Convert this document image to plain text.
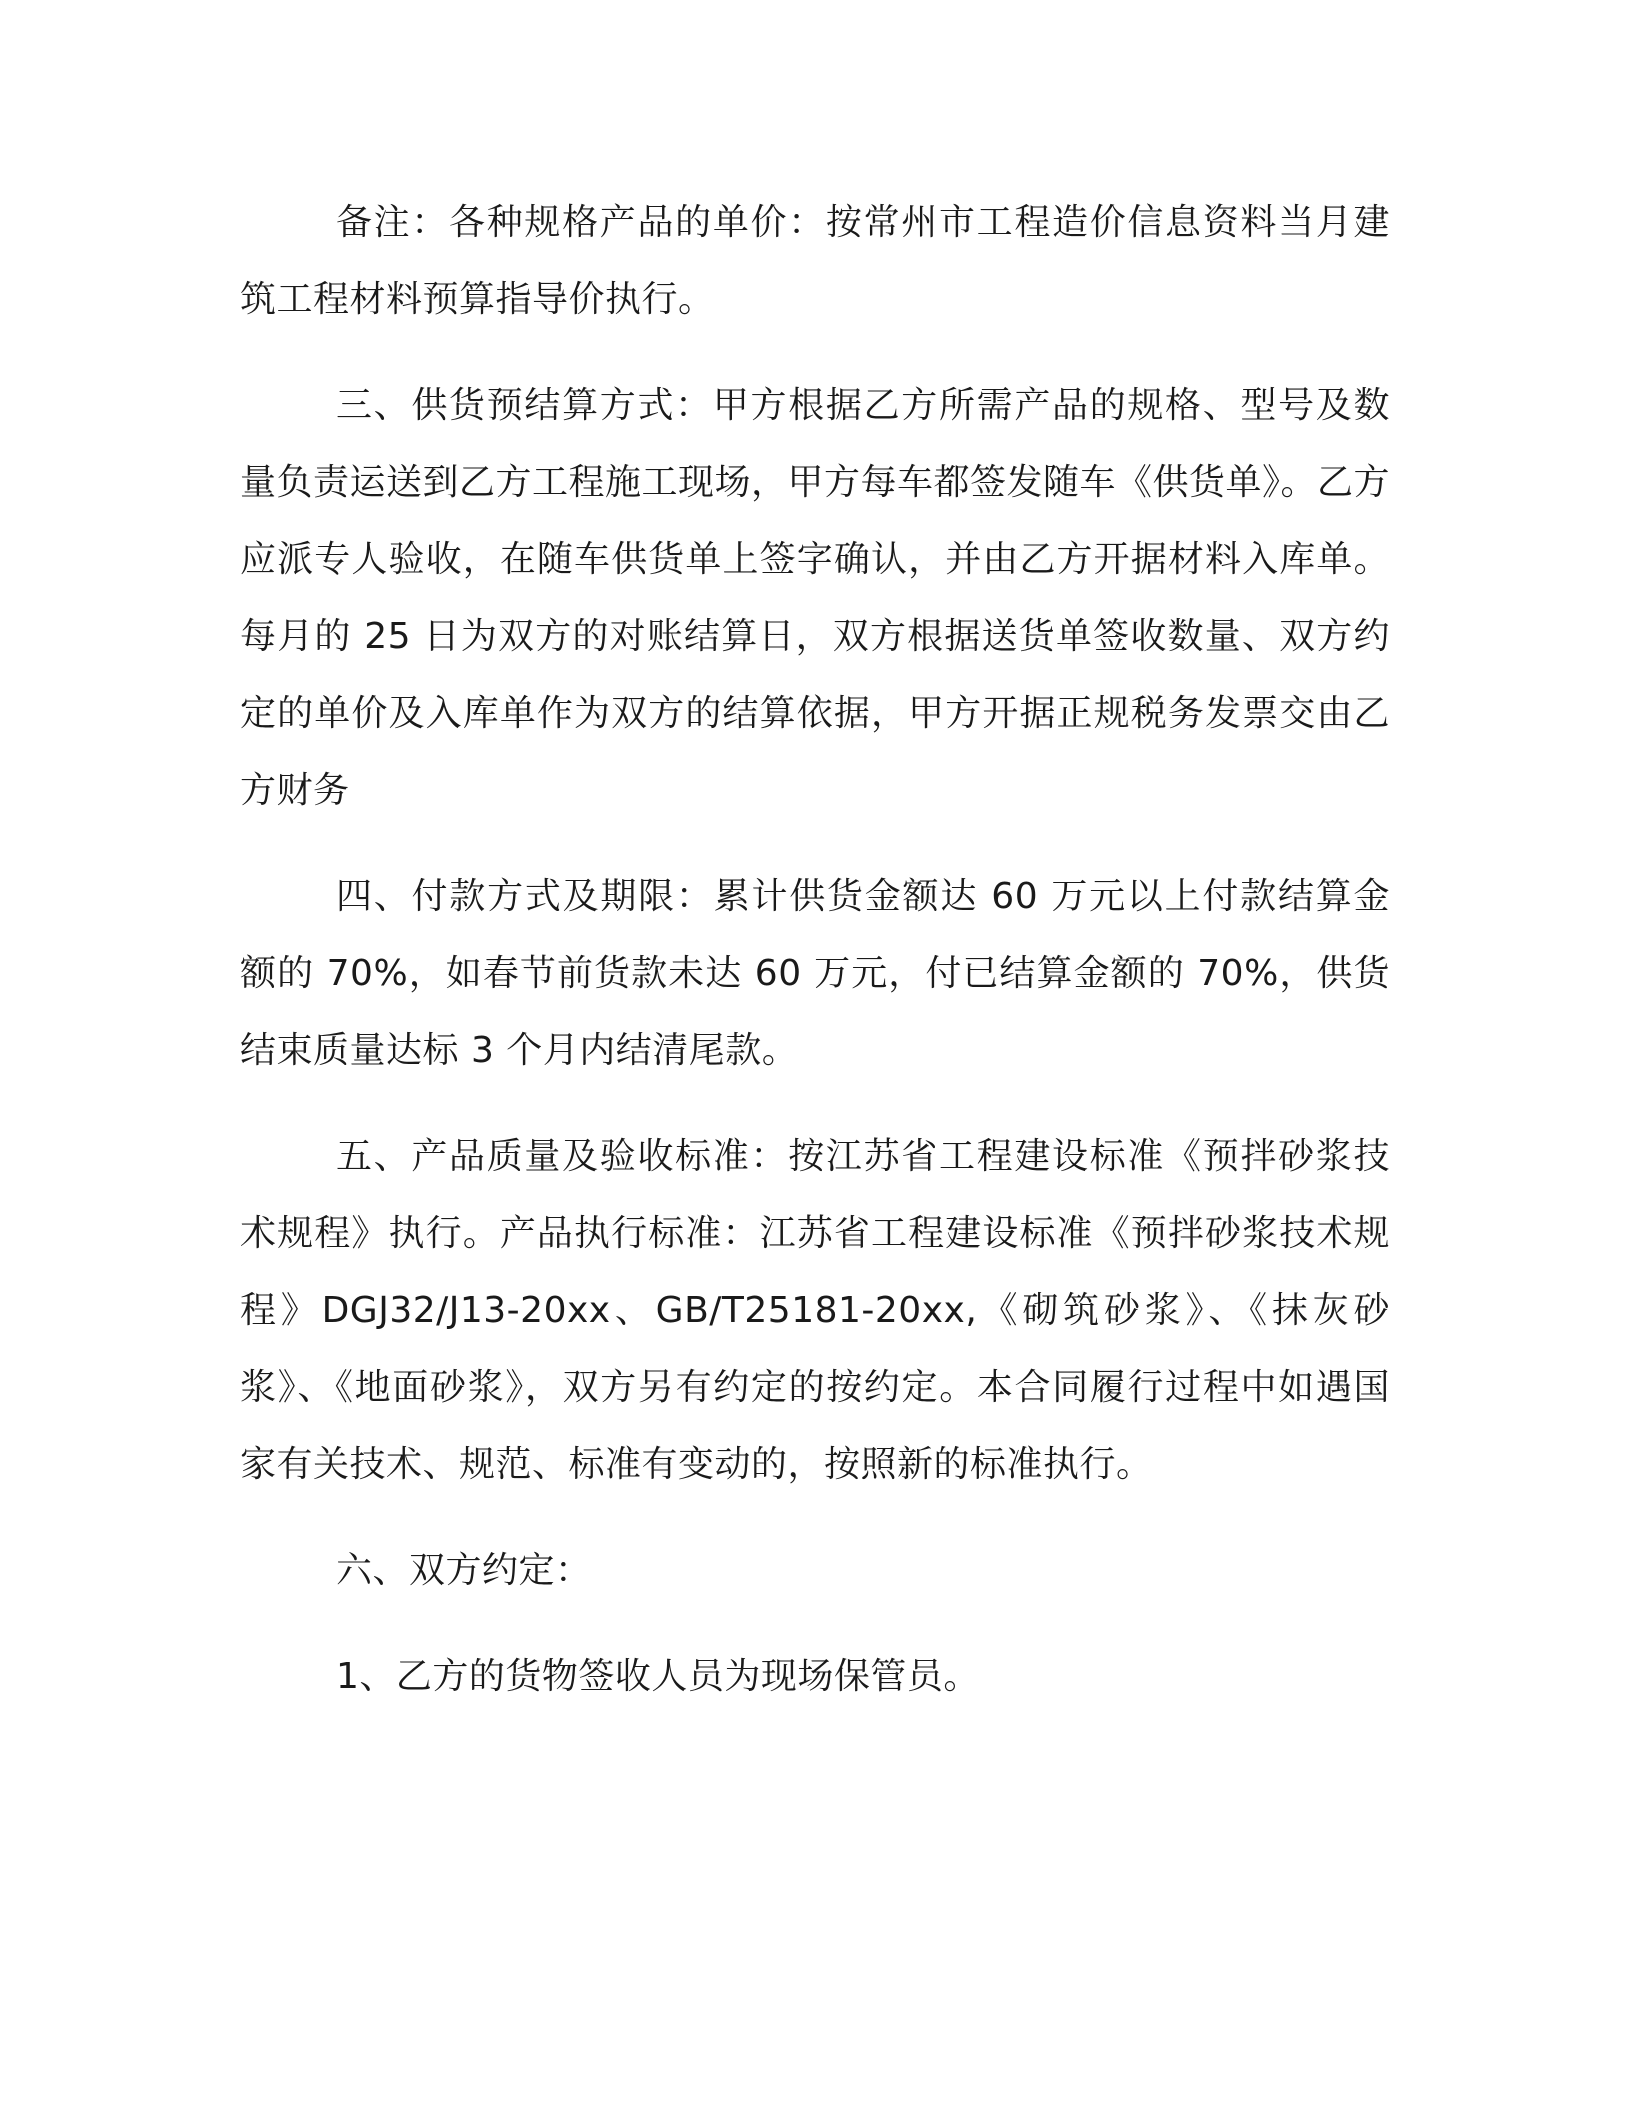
备注：各种规格产品的单价：按常州市工程造价信息资料当月建筑工程材料预算指导价执行。

三、供货预结算方式：甲方根据乙方所需产品的规格、型号及数量负责运送到乙方工程施工现场，甲方每车都签发随车《供货单》。乙方应派专人验收，在随车供货单上签字确认，并由乙方开据材料入库单。每月的 25 日为双方的对账结算日，双方根据送货单签收数量、双方约定的单价及入库单作为双方的结算依据，甲方开据正规税务发票交由乙方财务

四、付款方式及期限：累计供货金额达 60 万元以上付款结算金额的 70%，如春节前货款未达 60 万元，付已结算金额的 70%，供货结束质量达标 3 个月内结清尾款。

五、产品质量及验收标准：按江苏省工程建设标准《预拌砂浆技术规程》执行。产品执行标准：江苏省工程建设标准《预拌砂浆技术规程》DGJ32/J13-20xx、GB/T25181-20xx,《砌筑砂浆》、《抹灰砂浆》、《地面砂浆》，双方另有约定的按约定。本合同履行过程中如遇国家有关技术、规范、标准有变动的，按照新的标准执行。

六、双方约定：

1、乙方的货物签收人员为现场保管员。
